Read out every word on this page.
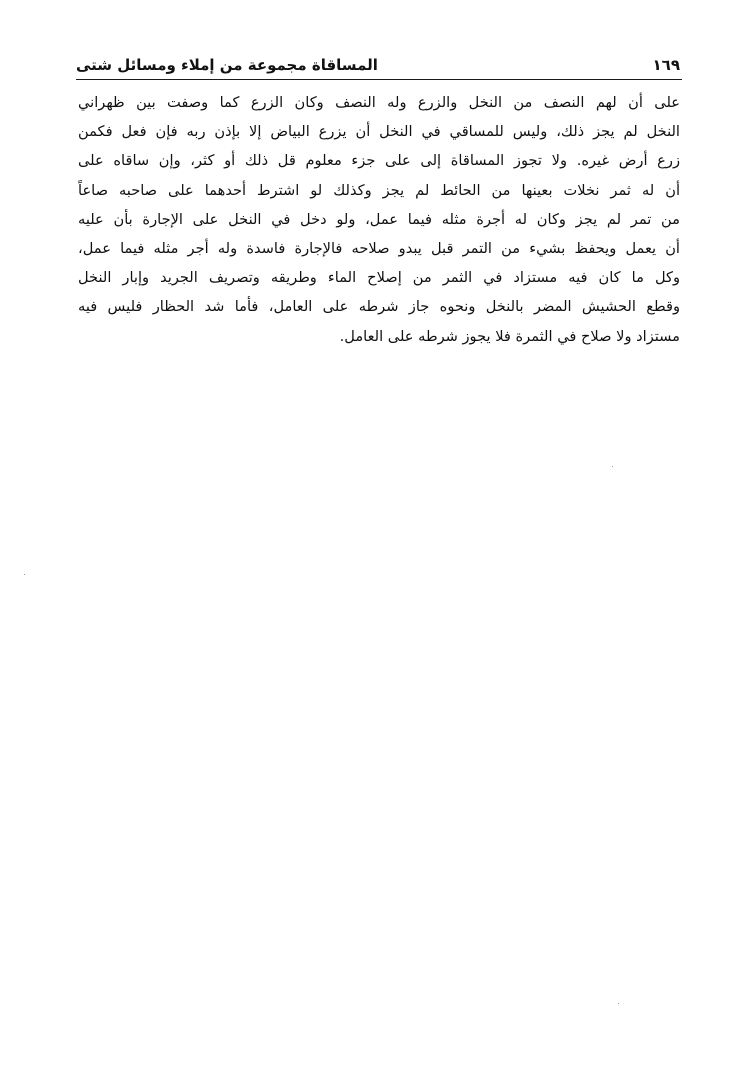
١٦٩
المساقاة مجموعة من إملاء ومسائل شتى
على أن لهم النصف من النخل والزرع وله النصف وكان الزرع كما وصفت بين ظهراني
النخل لم يجز ذلك، وليس للمساقي في النخل أن يزرع البياض إلا بإذن ربه فإن فعل فكمن
زرع أرض غيره. ولا تجوز المساقاة إلى على جزء معلوم قل ذلك أو كثر، وإن ساقاه على
أن له ثمر نخلات بعينها من الحائط لم يجز وكذلك لو اشترط أحدهما على صاحبه صاعاً
من تمر لم يجز وكان له أجرة مثله فيما عمل، ولو دخل في النخل على الإجارة بأن عليه
أن يعمل ويحفظ بشيء من التمر قبل يبدو صلاحه فالإجارة فاسدة وله أجر مثله فيما عمل،
وكل ما كان فيه مستزاد في الثمر من إصلاح الماء وطريقه وتصريف الجريد وإبار النخل
وقطع الحشيش المضر بالنخل ونحوه جاز شرطه على العامل، فأما شد الحظار فليس فيه
مستزاد ولا صلاح في الثمرة فلا يجوز شرطه على العامل.
